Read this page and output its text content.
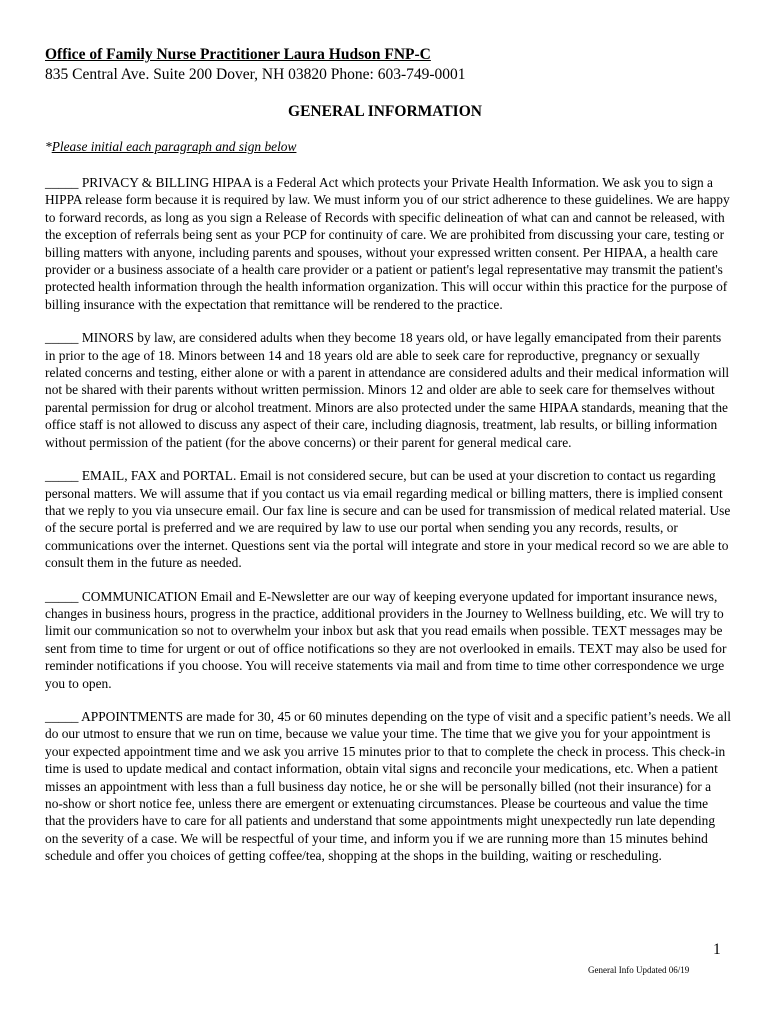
Office of Family Nurse Practitioner Laura Hudson FNP-C
835 Central Ave. Suite 200 Dover, NH 03820 Phone: 603-749-0001
GENERAL INFORMATION
*Please initial each paragraph and sign below

_____ PRIVACY & BILLING HIPAA is a Federal Act which protects your Private Health Information. We ask you to sign a HIPPA release form because it is required by law. We must inform you of our strict adherence to these guidelines. We are happy to forward records, as long as you sign a Release of Records with specific delineation of what can and cannot be released, with the exception of referrals being sent as your PCP for continuity of care. We are prohibited from discussing your care, testing or billing matters with anyone, including parents and spouses, without your expressed written consent. Per HIPAA, a health care provider or a business associate of a health care provider or a patient or patient's legal representative may transmit the patient's protected health information through the health information organization. This will occur within this practice for the purpose of billing insurance with the expectation that remittance will be rendered to the practice.

_____ MINORS by law, are considered adults when they become 18 years old, or have legally emancipated from their parents in prior to the age of 18. Minors between 14 and 18 years old are able to seek care for reproductive, pregnancy or sexually related concerns and testing, either alone or with a parent in attendance are considered adults and their medical information will not be shared with their parents without written permission. Minors 12 and older are able to seek care for themselves without parental permission for drug or alcohol treatment. Minors are also protected under the same HIPAA standards, meaning that the office staff is not allowed to discuss any aspect of their care, including diagnosis, treatment, lab results, or billing information without permission of the patient (for the above concerns) or their parent for general medical care.

_____ EMAIL, FAX and PORTAL. Email is not considered secure, but can be used at your discretion to contact us regarding personal matters. We will assume that if you contact us via email regarding medical or billing matters, there is implied consent that we reply to you via unsecure email. Our fax line is secure and can be used for transmission of medical related material. Use of the secure portal is preferred and we are required by law to use our portal when sending you any records, results, or communications over the internet. Questions sent via the portal will integrate and store in your medical record so we are able to consult them in the future as needed.

_____ COMMUNICATION Email and E-Newsletter are our way of keeping everyone updated for important insurance news, changes in business hours, progress in the practice, additional providers in the Journey to Wellness building, etc. We will try to limit our communication so not to overwhelm your inbox but ask that you read emails when possible. TEXT messages may be sent from time to time for urgent or out of office notifications so they are not overlooked in emails. TEXT may also be used for reminder notifications if you choose. You will receive statements via mail and from time to time other correspondence we urge you to open.

_____ APPOINTMENTS are made for 30, 45 or 60 minutes depending on the type of visit and a specific patient’s needs. We all do our utmost to ensure that we run on time, because we value your time. The time that we give you for your appointment is your expected appointment time and we ask you arrive 15 minutes prior to that to complete the check in process. This check-in time is used to update medical and contact information, obtain vital signs and reconcile your medications, etc. When a patient misses an appointment with less than a full business day notice, he or she will be personally billed (not their insurance) for a no-show or short notice fee, unless there are emergent or extenuating circumstances. Please be courteous and value the time that the providers have to care for all patients and understand that some appointments might unexpectedly run late depending on the severity of a case. We will be respectful of your time, and inform you if we are running more than 15 minutes behind schedule and offer you choices of getting coffee/tea, shopping at the shops in the building, waiting or rescheduling.

1
General Info Updated 06/19
